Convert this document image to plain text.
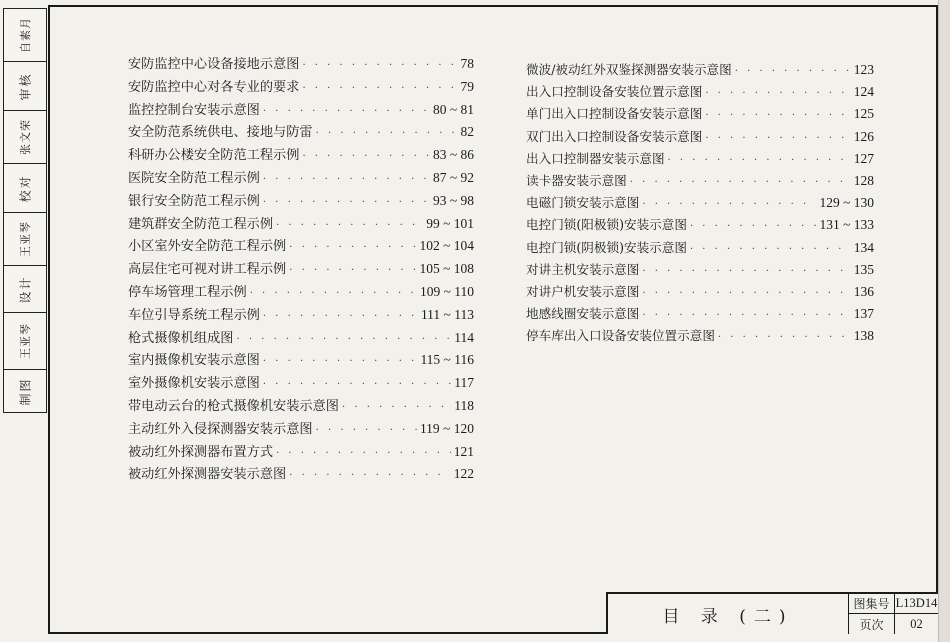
自素月
审核
张文荣
校对
王亚琴
设计
王亚琴
制图
安防监控中心设备接地示意图 · · ·	78
安防监控中心对各专业的要求 · · ·	79
监控控制台安装示意图 · · ·	80 ~ 81
安全防范系统供电、接地与防雷 · · ·	82
科研办公楼安全防范工程示例 · · ·	83 ~ 86
医院安全防范工程示例 · · ·	87 ~ 92
银行安全防范工程示例 · · ·	93 ~ 98
建筑群安全防范工程示例 · · ·	99 ~ 101
小区室外安全防范工程示例 · · ·	102 ~ 104
高层住宅可视对讲工程示例 · · ·	105 ~ 108
停车场管理工程示例 · · ·	109 ~ 110
车位引导系统工程示例 · · ·	111 ~ 113
枪式摄像机组成图 · · ·	114
室内摄像机安装示意图 · · ·	115 ~ 116
室外摄像机安装示意图 · · ·	117
带电动云台的枪式摄像机安装示意图 · · ·	118
主动红外入侵探测器安装示意图 · · ·	119 ~ 120
被动红外探测器布置方式 · · ·	121
被动红外探测器安装示意图 · · ·	122
微波/被动红外双鉴探测器安装示意图 · · ·	123
出入口控制设备安装位置示意图 · · ·	124
单门出入口控制设备安装示意图 · · ·	125
双门出入口控制设备安装示意图 · · ·	126
出入口控制器安装示意图 · · ·	127
读卡器安装示意图 · · ·	128
电磁门锁安装示意图 · · ·	129 ~ 130
电控门锁(阳极锁)安装示意图 · · ·	131 ~ 133
电控门锁(阴极锁)安装示意图 · · ·	134
对讲主机安装示意图 · · ·	135
对讲户机安装示意图 · · ·	136
地感线圈安装示意图 · · ·	137
停车库出入口设备安装位置示意图 · · ·	138
目 录 (二)
图集号 L13D14
页次	02
